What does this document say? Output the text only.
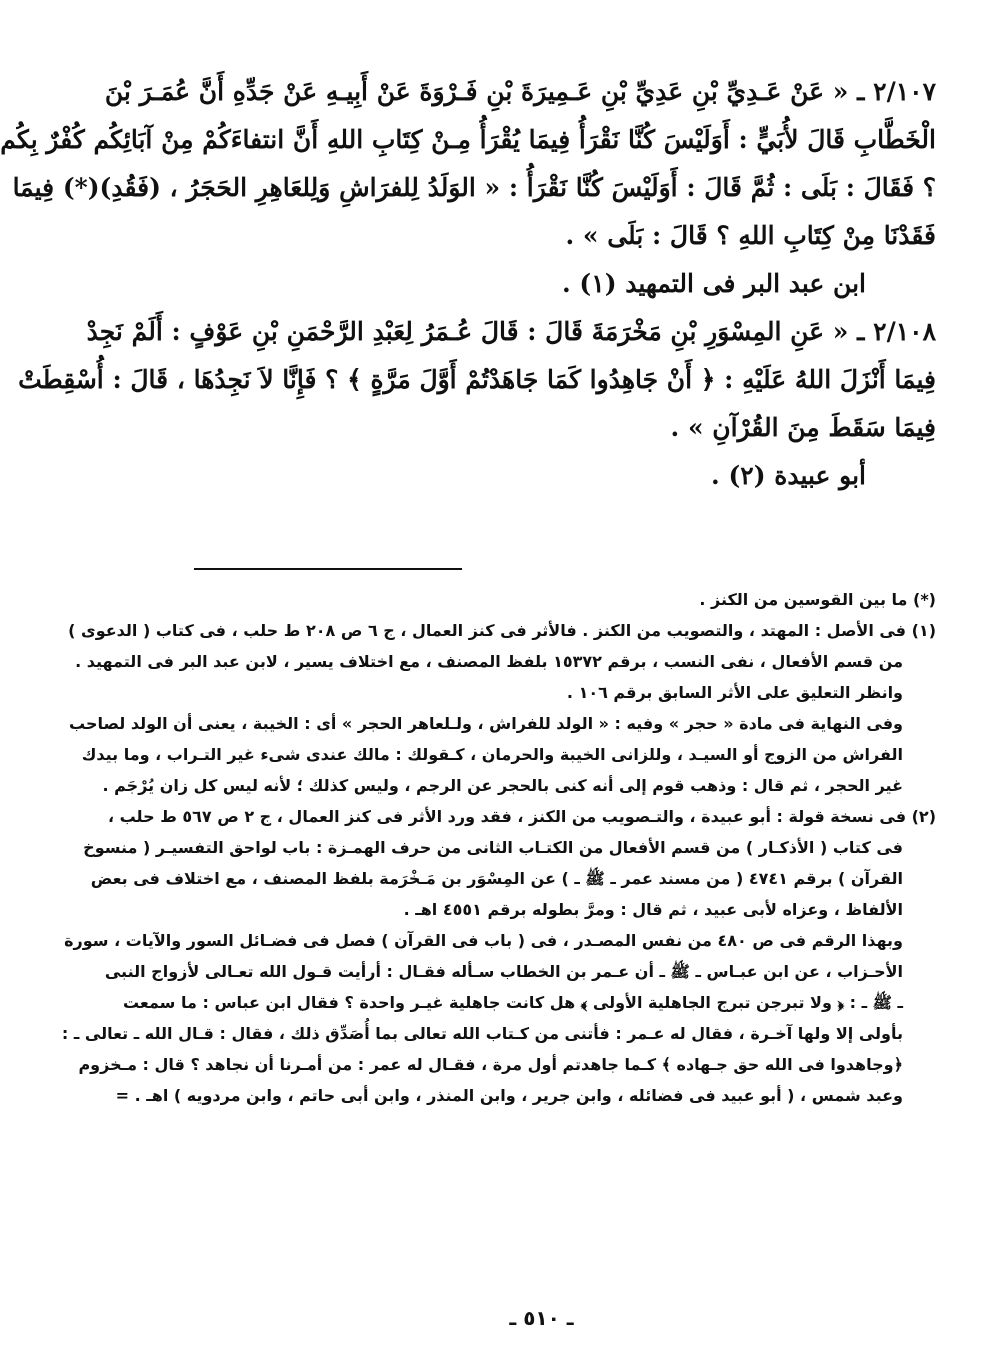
٢/١٠٧ ـ « عَنْ عَـدِيِّ بْنِ عَدِيِّ بْنِ عَـمِيرَةَ بْنِ فَـرْوَةَ عَنْ أَبِيـهِ عَنْ جَدِّهِ أَنَّ عُمَـرَ بْنَ
الْخَطَّابِ قَالَ لأُبَيٍّ : أَوَلَيْسَ كُنَّا نَقْرَأُ فِيمَا يُقْرَأُ مِـنْ كِتَابِ اللهِ أَنَّ انتفاءَكُمْ مِنْ آبَائِكُم كُفْرٌ بِكُم
؟ فَقَالَ : بَلَى : ثُمَّ قَالَ : أَوَلَيْسَ كُنَّا نَقْرَأُ : « الوَلَدُ لِلفرَاشِ وَلِلعَاهِرِ الحَجَرُ ، (فَقُدِ)(*) فِيمَا
فَقَدْنَا مِنْ كِتَابِ اللهِ ؟ قَالَ : بَلَى » .
ابن عبد البر فى التمهيد (١) .
٢/١٠٨ ـ « عَنِ المِسْوَرِ بْنِ مَخْرَمَةَ قَالَ : قَالَ عُـمَرُ لِعَبْدِ الرَّحْمَنِ بْنِ عَوْفٍ : أَلَمْ نَجِدْ
فِيمَا أَنْزَلَ اللهُ عَلَيْهِ : ﴿ أَنْ جَاهِدُوا كَمَا جَاهَدْتُمْ أَوَّلَ مَرَّةٍ ﴾ ؟ فَإِنَّا لاَ نَجِدُهَا ، قَالَ : أُسْقِطَتْ
فِيمَا سَقَطَ مِنَ القُرْآنِ » .
أبو عبيدة (٢) .
(*) ما بين القوسين من الكنز .
(١) فى الأصل : المهتد ، والتصويب من الكنز . فالأثر فى كنز العمال ، ج ٦ ص ٢٠٨ ط حلب ، فى كتاب ( الدعوى )
من قسم الأفعال ، نفى النسب ، برقم ١٥٣٧٢ بلفظ المصنف ، مع اختلاف يسير ، لابن عبد البر فى التمهيد .
وانظر التعليق على الأثر السابق برقم ١٠٦ .
وفى النهاية فى مادة « حجر » وفيه : « الولد للفراش ، ولـلعاهر الحجر » أى : الخيبة ، يعنى أن الولد لصاحب
الفراش من الزوج أو السيـد ، وللزانى الخيبة والحرمان ، كـقولك : مالك عندى شىء غير التـراب ، وما بيدك
غير الحجر ، ثم قال : وذهب قوم إلى أنه كنى بالحجر عن الرجم ، وليس كذلك ؛ لأنه ليس كل زان يُرْجَم .
(٢) فى نسخة قولة : أبو عبيدة ، والتـصويب من الكنز ، فقد ورد الأثر فى كنز العمال ، ج ٢ ص ٥٦٧ ط حلب ،
فى كتاب ( الأذكـار ) من قسم الأفعال من الكتـاب الثانى من حرف الهمـزة : باب لواحق التفسيـر ( منسوخ
القرآن ) برقم ٤٧٤١ ( من مسند عمر ـ ﷺ ـ ) عن المِسْوَر بن مَـخْرَمة بلفظ المصنف ، مع اختلاف فى بعض
الألفاظ ، وعزاه لأبى عبيد ، ثم قال : ومرَّ بطوله برقم ٤٥٥١ اهـ .
وبهذا الرقم فى ص ٤٨٠ من نفس المصـدر ، فى ( باب فى القرآن ) فصل فى فضـائل السور والآيات ، سورة
الأحـزاب ، عن ابن عبـاس ـ ﷺ ـ أن عـمر بن الخطاب سـأله فقـال : أرأيت قـول الله تعـالى لأزواج النبى
ـ ﷺ ـ : ﴿ ولا تبرجن تبرج الجاهلية الأولى ﴾ هل كانت جاهلية غيـر واحدة ؟ فقال ابن عباس : ما سمعت
بأولى إلا ولها آخـرة ، فقال له عـمر : فأتنى من كـتاب الله تعالى بما أُصَدِّق ذلك ، فقال : قـال الله ـ تعالى ـ :
﴿وجاهدوا فى الله حق جـهاده ﴾ كـما جاهدتم أول مرة ، فقـال له عمر : من أمـرنا أن نجاهد ؟ قال : مـخزوم
وعبد شمس ، ( أبو عبيد فى فضائله ، وابن جرير ، وابن المنذر ، وابن أبى حاتم ، وابن مردويه ) اهـ . =
ـ ٥١٠ ـ
